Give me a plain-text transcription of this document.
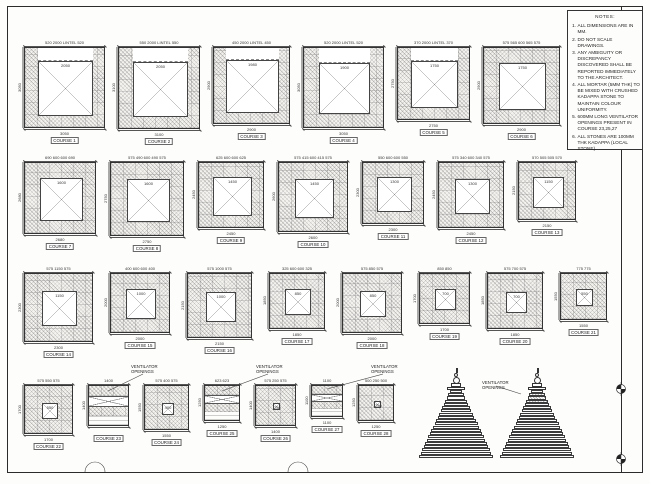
NOTES:
1. ALL DIMENSIONS ARE IN MM.
2. DO NOT SCALE DRAWINGS.
3. ANY AMBIGUITY OR DISCREPANCY DISCOVERED SHALL BE REPORTED IMMEDIATELY TO THE ARCHITECT.
4. ALL MORTAR (5MM THK) TO BE MIXED WITH CRUSHED KADAPPA STONE TO MAINTAIN COLOUR UNIFORMITY.
5. 600MM LONG VENTILATOR OPENINGS PRESENT IN COURSE 23,25,27
6. ALL STONES ARE 100MM THK KADAPPA (LOCAL STONE).
520 2000 LINTEL 520
3050
2050
3050
COURSE 1
550 2000 LINTEL 550
3100
2050
3100
COURSE 2
450 2000 LINTEL 450
2900
1980
2900
COURSE 3
520 2000 LINTEL 520
3050
1900
3050
COURSE 4
370 2000 LINTEL 370
2750
1750
2750
COURSE 5
575 565 600 565 575
2900
1750
2900
COURSE 6
690 600 600 690
2680
1600
2680
COURSE 7
575 490 600 490 575
2750
1600
2750
COURSE 8
625 600 600 625
2450
1450
2450
COURSE 9
575 415 600 415 575
2600
1450
2600
COURSE 10
550 600 600 550
2300
1300
2300
COURSE 11
575 340 600 340 575
2450
1300
2450
COURSE 12
570 505 505 570
2150
1150
2150
COURSE 13
575 1150 575
2300
1150
2300
COURSE 14
400 600 600 400
2000
1000
2000
COURSE 15
575 1000 575
2150
1000
2150
COURSE 16
325 600 600 325
1850
850
1850
COURSE 17
575 850 575
2000
850
2000
COURSE 18
850 850
1700
700
1700
COURSE 19
575 700 575
1850
700
1850
COURSE 20
775 775
1550	550
1550
COURSE 21
575 550 575
1700	550
1700
COURSE 22
1400
1400
COURSE 23
575 400 575
1550	400
1550
COURSE 24
623 623
1250
1250
COURSE 25
575 250 575
1400	250
1400
COURSE 26
1100
1100
1100
COURSE 27
500 250 500
1250	250
1250
COURSE 28
VENTILATOR OPENINGS
VENTILATOR OPENINGS
VENTILATOR OPENINGS
VENTILATOR OPENINGS
